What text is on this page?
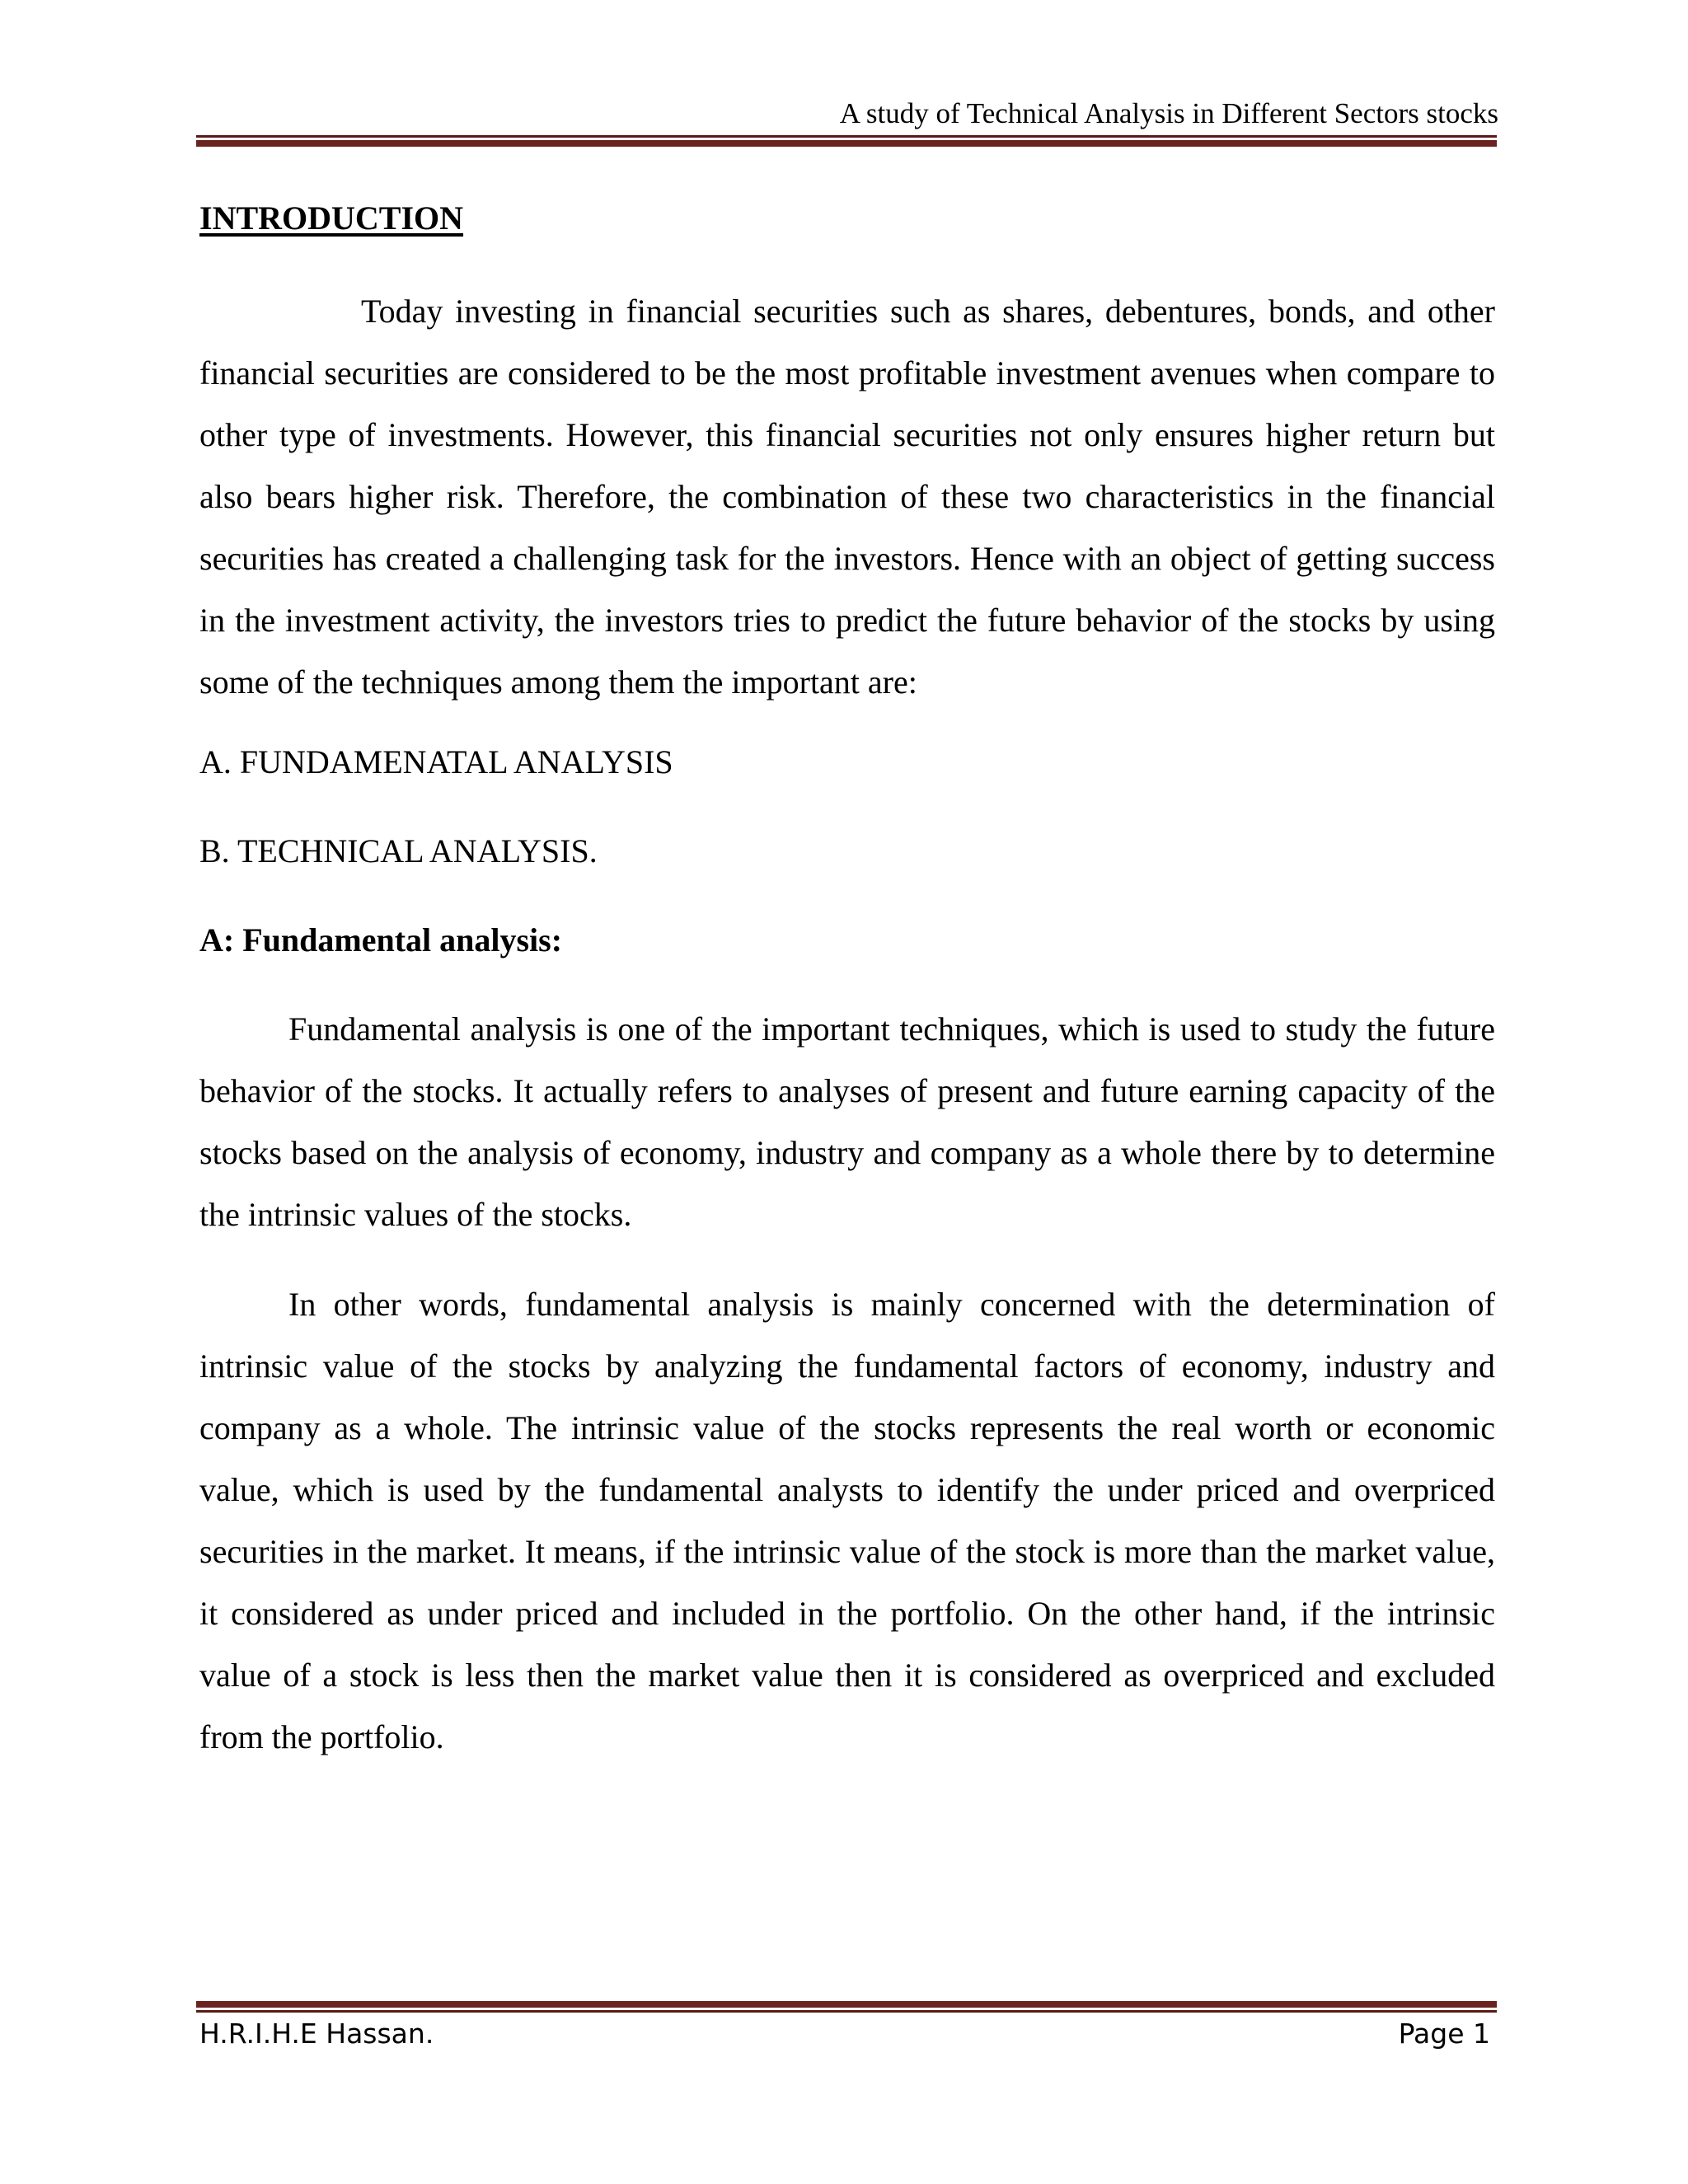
A study of Technical Analysis in Different Sectors stocks
INTRODUCTION

Today investing in financial securities such as shares, debentures, bonds, and other financial securities are considered to be the most profitable investment avenues when compare to other type of investments. However, this financial securities not only ensures higher return but also bears higher risk. Therefore, the combination of these two characteristics in the financial securities has created a challenging task for the investors. Hence with an object of getting success in the investment activity, the investors tries to predict the future behavior of the stocks by using some of the techniques among them the important are:

A. FUNDAMENATAL ANALYSIS

B. TECHNICAL ANALYSIS.

A: Fundamental analysis:

Fundamental analysis is one of the important techniques, which is used to study the future behavior of the stocks. It actually refers to analyses of present and future earning capacity of the stocks based on the analysis of economy, industry and company as a whole there by to determine the intrinsic values of the stocks.

In other words, fundamental analysis is mainly concerned with the determination of intrinsic value of the stocks by analyzing the fundamental factors of economy, industry and company as a whole. The intrinsic value of the stocks represents the real worth or economic value, which is used by the fundamental analysts to identify the under priced and overpriced securities in the market. It means, if the intrinsic value of the stock is more than the market value, it considered as under priced and included in the portfolio. On the other hand, if the intrinsic value of a stock is less then the market value then it is considered as overpriced and excluded from the portfolio.

H.R.I.H.E Hassan.	Page 1
